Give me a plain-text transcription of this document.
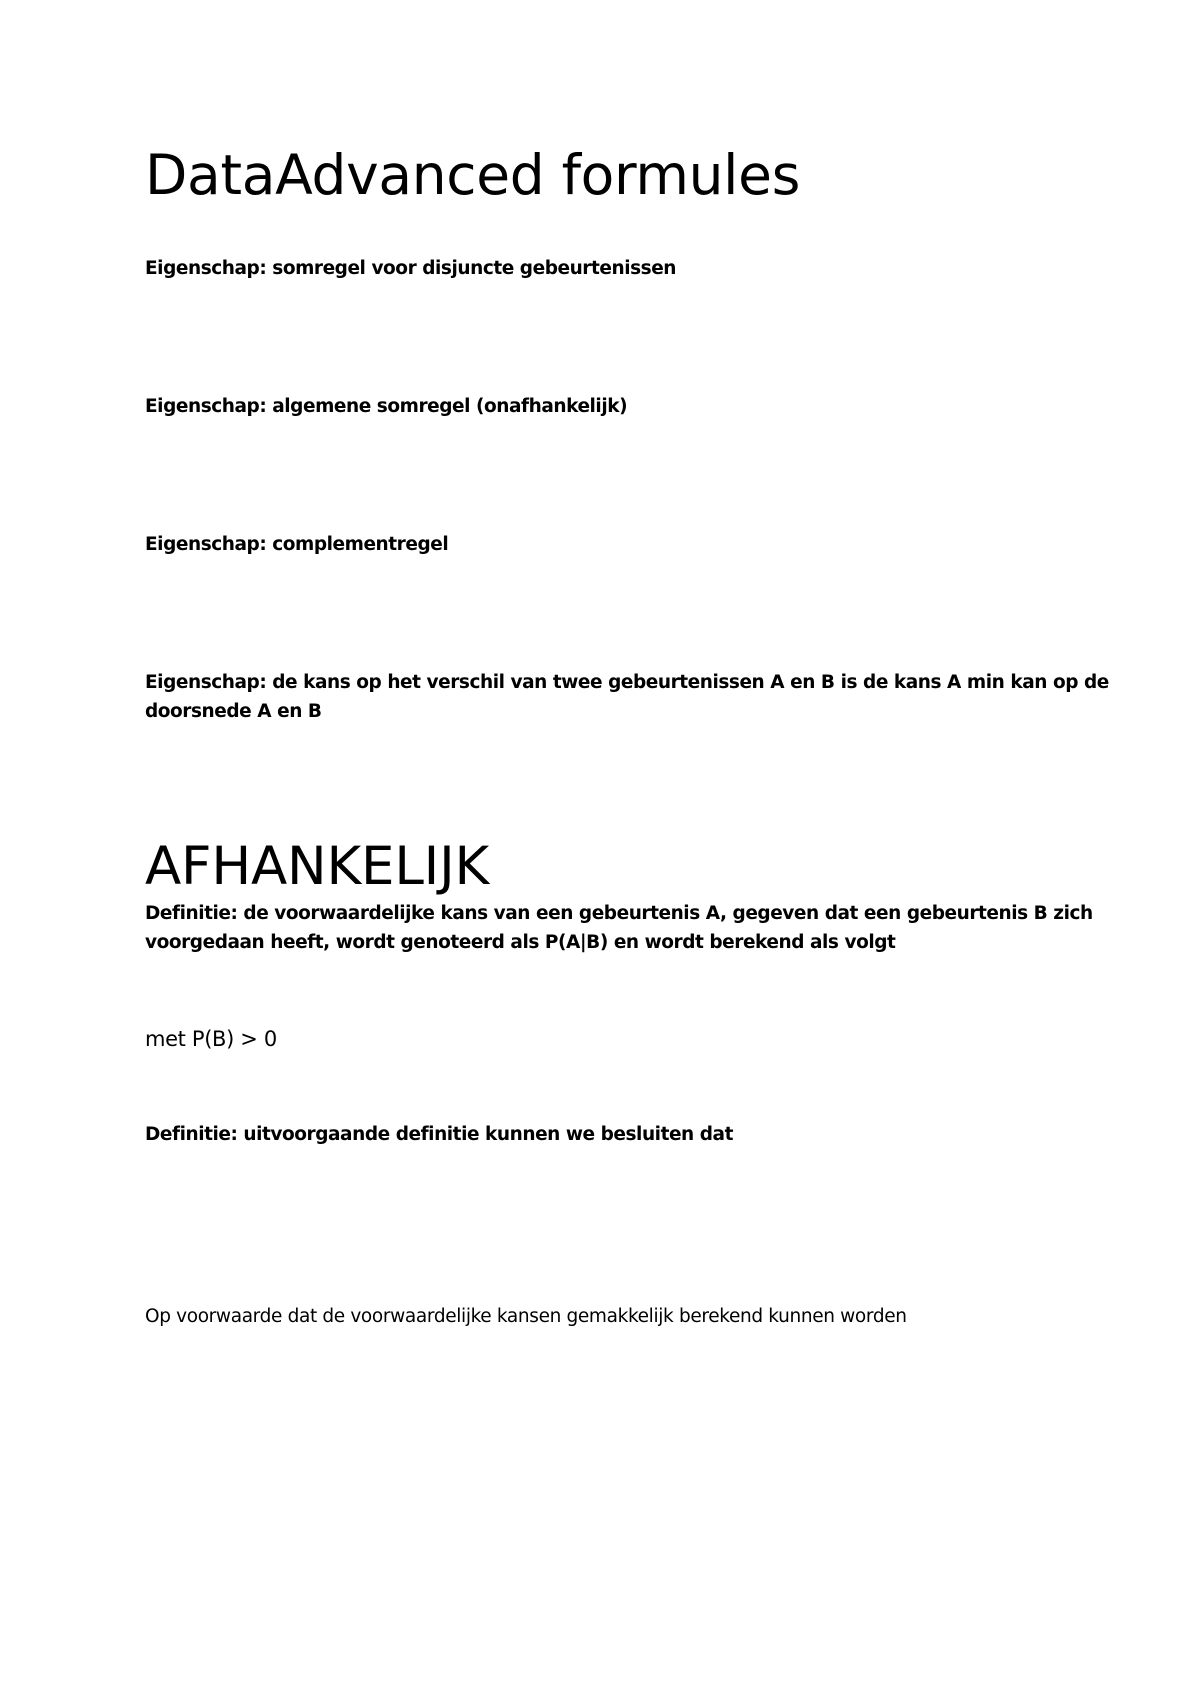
DataAdvanced formules

Eigenschap: somregel voor disjuncte gebeurtenissen

Eigenschap: algemene somregel (onafhankelijk)

Eigenschap: complementregel

Eigenschap: de kans op het verschil van twee gebeurtenissen A en B is de kans A min kan op de

doorsnede A en B

AFHANKELIJK

Definitie: de voorwaardelijke kans van een gebeurtenis A, gegeven dat een gebeurtenis B zich

voorgedaan heeft, wordt genoteerd als P(A|B) en wordt berekend als volgt

met P(B) > 0

Definitie: uitvoorgaande definitie kunnen we besluiten dat

Op voorwaarde dat de voorwaardelijke kansen gemakkelijk berekend kunnen worden
